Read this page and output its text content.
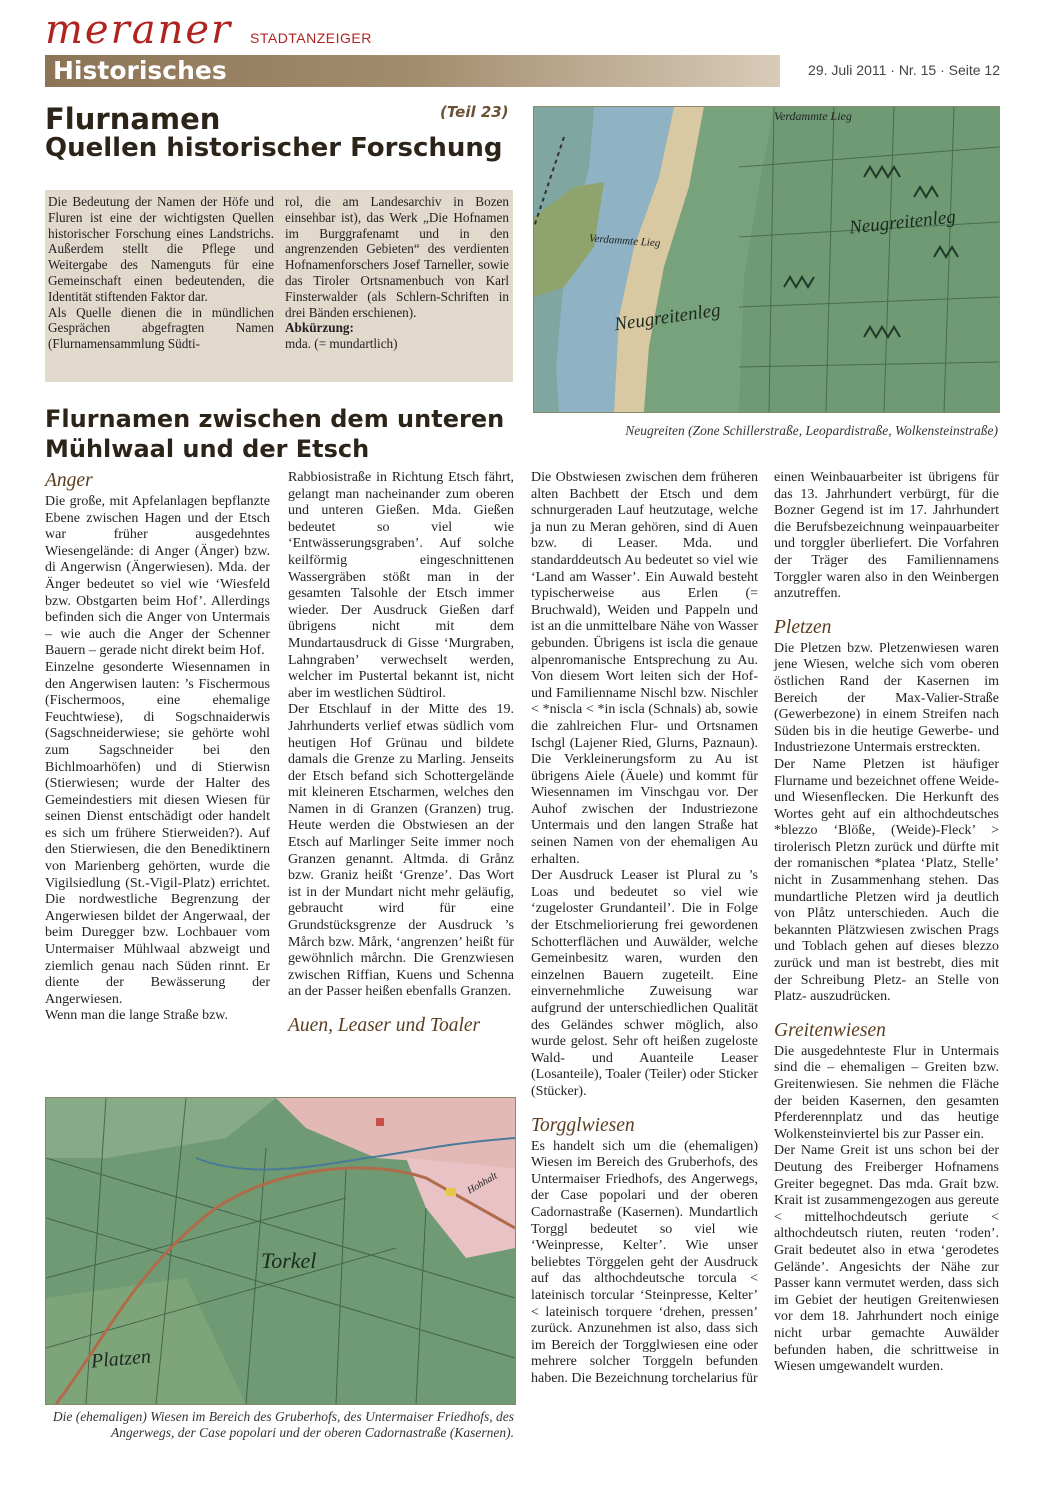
meraner STADTANZEIGER
Historisches	29. Juli 2011 · Nr. 15 · Seite 12
(Teil 23)
Flurnamen
Quellen historischer Forschung
Die Bedeutung der Namen der Höfe und Fluren ist eine der wichtigsten Quellen historischer Forschung eines Landstrichs. Außerdem stellt die Pflege und Weitergabe des Namenguts für eine Gemeinschaft einen bedeutenden, die Identität stiftenden Faktor dar.
Als Quelle dienen die in mündlichen Gesprächen abgefragten Namen (Flurnamensammlung Südti-
rol, die am Landesarchiv in Bozen einsehbar ist), das Werk „Die Hofnamen im Burggrafenamt und in den angrenzenden Gebieten“ des verdienten Hofnamenforschers Josef Tarneller, sowie das Tiroler Ortsnamenbuch von Karl Finsterwalder (als Schlern-Schriften in drei Bänden erschienen).
Abkürzung:
mda. (= mundartlich)
Verdammte Lieg
Verdammte Lieg
Neugreitenleg
Neugreitenleg
Neugreiten (Zone Schillerstraße, Leopardistraße, Wolkensteinstraße)
Flurnamen zwischen dem unteren Mühlwaal und der Etsch
Anger

Die große, mit Apfelanlagen bepflanzte Ebene zwischen Hagen und der Etsch war früher ausgedehntes Wiesengelände: di Anger (Änger) bzw. di Angerwisn (Ängerwiesen). Mda. der Änger bedeutet so viel wie ‘Wiesfeld bzw. Obstgarten beim Hof’. Allerdings befinden sich die Anger von Untermais – wie auch die Anger der Schenner Bauern – gerade nicht direkt beim Hof.
Einzelne gesonderte Wiesennamen in den Angerwisen lauten: ’s Fischermous (Fischermoos, eine ehemalige Feuchtwiese), di Sogschnaiderwis (Sagschneiderwiese; sie gehörte wohl zum Sagschneider bei den Bichlmoarhöfen) und di Stierwisn (Stierwiesen; wurde der Halter des Gemeindestiers mit diesen Wiesen für seinen Dienst entschädigt oder handelt es sich um frühere Stierweiden?). Auf den Stierwiesen, die den Benediktinern von Marienberg gehörten, wurde die Vigilsiedlung (St.-Vigil-Platz) errichtet. Die nordwestliche Begrenzung der Angerwiesen bildet der Angerwaal, der beim Duregger bzw. Lochbauer vom Untermaiser Mühlwaal abzweigt und ziemlich genau nach Süden rinnt. Er diente der Bewässerung der Angerwiesen.
Wenn man die lange Straße bzw.

Rabbiosistraße in Richtung Etsch fährt, gelangt man nacheinander zum oberen und unteren Gießen. Mda. Gießen bedeutet so viel wie ‘Entwässerungsgraben’. Auf solche keilförmig eingeschnittenen Wassergräben stößt man in der gesamten Talsohle der Etsch immer wieder. Der Ausdruck Gießen darf übrigens nicht mit dem Mundartausdruck di Gisse ‘Murgraben, Lahngraben’ verwechselt werden, welcher im Pustertal bekannt ist, nicht aber im westlichen Südtirol.
Der Etschlauf in der Mitte des 19. Jahrhunderts verlief etwas südlich vom heutigen Hof Grünau und bildete damals die Grenze zu Marling. Jenseits der Etsch befand sich Schottergelände mit kleineren Etscharmen, welches den Namen in di Granzen (Granzen) trug. Heute werden die Obstwiesen an der Etsch auf Marlinger Seite immer noch Granzen genannt. Altmda. di Grånz bzw. Graniz heißt ‘Grenze’. Das Wort ist in der Mundart nicht mehr geläufig, gebraucht wird für eine Grundstücksgrenze der Ausdruck ’s Mårch bzw. Mårk, ‘angrenzen’ heißt für gewöhnlich mårchn. Die Grenzwiesen zwischen Riffian, Kuens und Schenna an der Passer heißen ebenfalls Granzen.

Auen, Leaser und Toaler
Torkel
Platzen
Hohhalt
Die (ehemaligen) Wiesen im Bereich des Gruberhofs, des Untermaiser Friedhofs, des Angerwegs, der Case popolari und der oberen Cadornastraße (Kasernen).

Die Obstwiesen zwischen dem früheren alten Bachbett der Etsch und dem schnurgeraden Lauf heutzutage, welche ja nun zu Meran gehören, sind di Auen bzw. di Leaser. Mda. und standarddeutsch Au bedeutet so viel wie ‘Land am Wasser’. Ein Auwald besteht typischerweise aus Erlen (= Bruchwald), Weiden und Pappeln und ist an die unmittelbare Nähe von Wasser gebunden. Übrigens ist iscla die genaue alpenromanische Entsprechung zu Au. Von diesem Wort leiten sich der Hof- und Familienname Nischl bzw. Nischler < *niscla < *in iscla (Schnals) ab, sowie die zahlreichen Flur- und Ortsnamen Ischgl (Lajener Ried, Glurns, Paznaun). Die Verkleinerungsform zu Au ist übrigens Aiele (Äuele) und kommt für Wiesennamen im Vinschgau vor. Der Auhof zwischen der Industriezone Untermais und den langen Straße hat seinen Namen von der ehemaligen Au erhalten.
Der Ausdruck Leaser ist Plural zu ’s Loas und bedeutet so viel wie ‘zugeloster Grundanteil’. Die in Folge der Etschmeliorierung frei gewordenen Schotterflächen und Auwälder, welche Gemeinbesitz waren, wurden den einzelnen Bauern zugeteilt. Eine einvernehmliche Zuweisung war aufgrund der unterschiedlichen Qualität des Geländes schwer möglich, also wurde gelost. Sehr oft heißen zugeloste Wald- und Auanteile Leaser (Losanteile), Toaler (Teiler) oder Sticker (Stücker).

Torgglwiesen

Es handelt sich um die (ehemaligen) Wiesen im Bereich des Gruberhofs, des Untermaiser Friedhofs, des Angerwegs, der Case popolari und der oberen Cadornastraße (Kasernen). Mundartlich Torggl bedeutet so viel wie ‘Weinpresse, Kelter’. Wie unser beliebtes Törggelen geht der Ausdruck auf das althochdeutsche torcula < lateinisch torcular ‘Steinpresse, Kelter’ < lateinisch torquere ‘drehen, pressen’ zurück. Anzunehmen ist also, dass sich im Bereich der Torgglwiesen eine oder mehrere solcher Torggeln befunden haben. Die Bezeichnung torchelarius für

einen Weinbauarbeiter ist übrigens für das 13. Jahrhundert verbürgt, für die Bozner Gegend ist im 17. Jahrhundert die Berufsbezeichnung weinpauarbeiter und torggler überliefert. Die Vorfahren der Träger des Familiennamens Torggler waren also in den Weinbergen anzutreffen.

Pletzen

Die Pletzen bzw. Pletzenwiesen waren jene Wiesen, welche sich vom oberen östlichen Rand der Kasernen im Bereich der Max-Valier-Straße (Gewerbezone) in einem Streifen nach Süden bis in die heutige Gewerbe- und Industriezone Untermais erstreckten.
Der Name Pletzen ist häufiger Flurname und bezeichnet offene Weide- und Wiesenflecken. Die Herkunft des Wortes geht auf ein althochdeutsches *blezzo ‘Blöße, (Weide)-Fleck’ > tirolerisch Pletzn zurück und dürfte mit der romanischen *platea ‘Platz, Stelle’ nicht in Zusammenhang stehen. Das mundartliche Pletzen wird ja deutlich von Plåtz unterschieden. Auch die bekannten Plätzwiesen zwischen Prags und Toblach gehen auf dieses blezzo zurück und man ist bestrebt, dies mit der Schreibung Pletz- an Stelle von Platz- auszudrücken.

Greitenwiesen

Die ausgedehnteste Flur in Untermais sind die – ehemaligen – Greiten bzw. Greitenwiesen. Sie nehmen die Fläche der beiden Kasernen, den gesamten Pferderennplatz und das heutige Wolkensteinviertel bis zur Passer ein.
Der Name Greit ist uns schon bei der Deutung des Freiberger Hofnamens Greiter begegnet. Das mda. Grait bzw. Krait ist zusammengezogen aus gereute < mittelhochdeutsch geriute < althochdeutsch riuten, reuten ‘roden’. Grait bedeutet also in etwa ‘gerodetes Gelände’. Angesichts der Nähe zur Passer kann vermutet werden, dass sich im Gebiet der heutigen Greitenwiesen vor dem 18. Jahrhundert noch einige nicht urbar gemachte Auwälder befunden haben, die schrittweise in Wiesen umgewandelt wurden.
